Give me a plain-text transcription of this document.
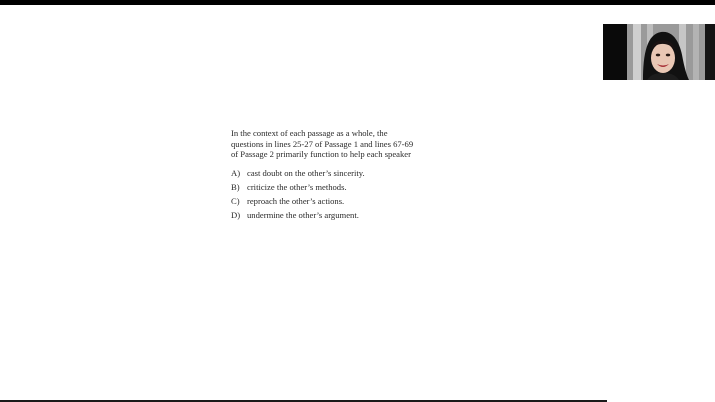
In the context of each passage as a whole, the
questions in lines 25-27 of Passage 1 and lines 67-69
of Passage 2 primarily function to help each speaker
A) cast doubt on the other’s sincerity.
B) criticize the other’s methods.
C) reproach the other’s actions.
D) undermine the other’s argument.
